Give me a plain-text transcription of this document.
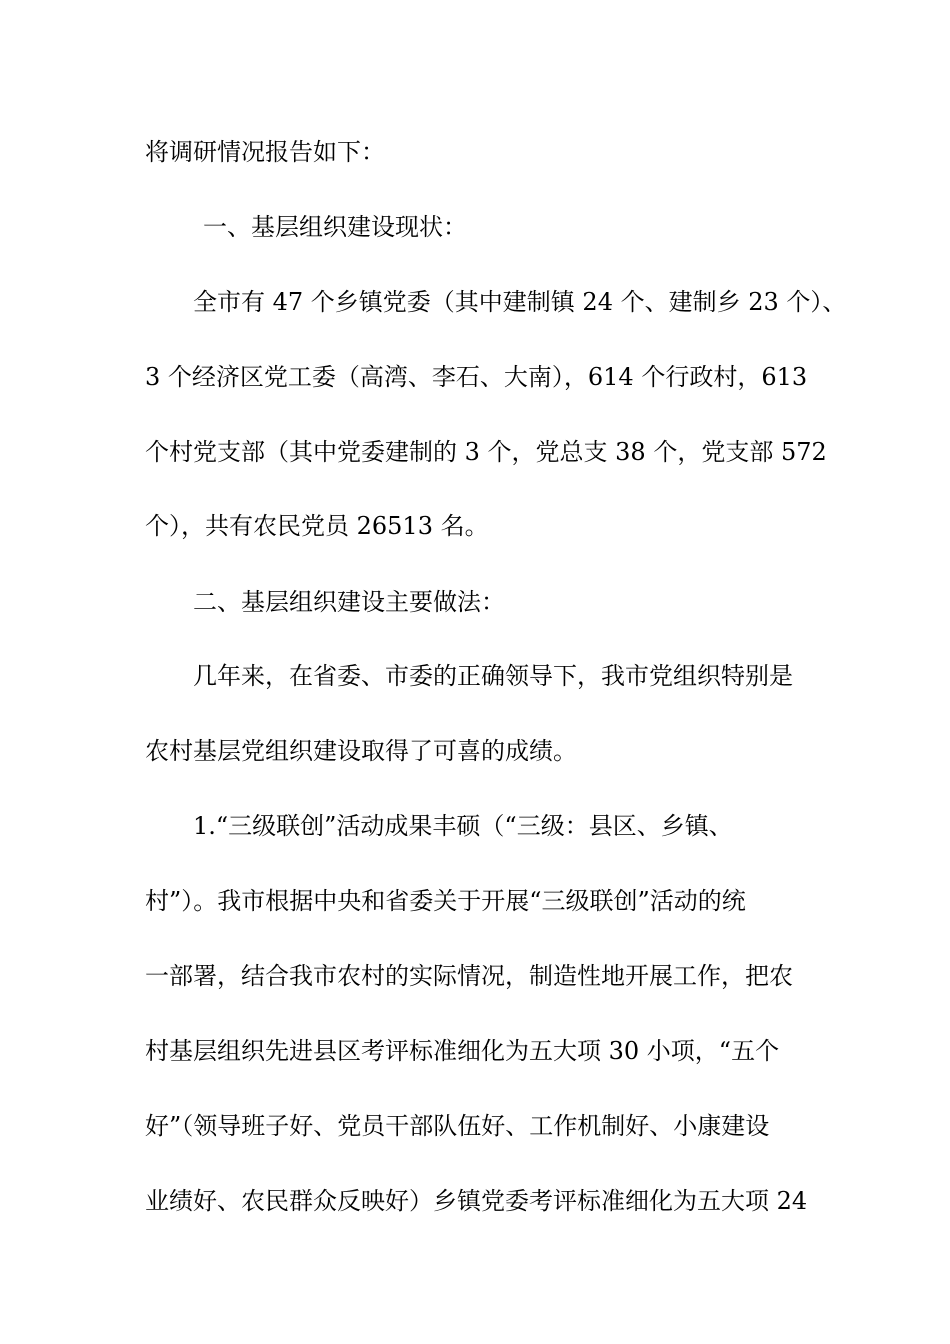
将调研情况报告如下：
一、基层组织建设现状：
全市有 47 个乡镇党委（其中建制镇 24 个、建制乡 23 个）、
3 个经济区党工委（高湾、李石、大南），614 个行政村，613
个村党支部（其中党委建制的 3 个，党总支 38 个，党支部 572
个），共有农民党员 26513 名。
二、基层组织建设主要做法：
几年来，在省委、市委的正确领导下，我市党组织特别是
农村基层党组织建设取得了可喜的成绩。
1.“三级联创”活动成果丰硕（“三级：县区、乡镇、
村”）。我市根据中央和省委关于开展“三级联创”活动的统
一部署，结合我市农村的实际情况，制造性地开展工作，把农
村基层组织先进县区考评标准细化为五大项 30 小项，“五个
好”（领导班子好、党员干部队伍好、工作机制好、小康建设
业绩好、农民群众反映好）乡镇党委考评标准细化为五大项 24
